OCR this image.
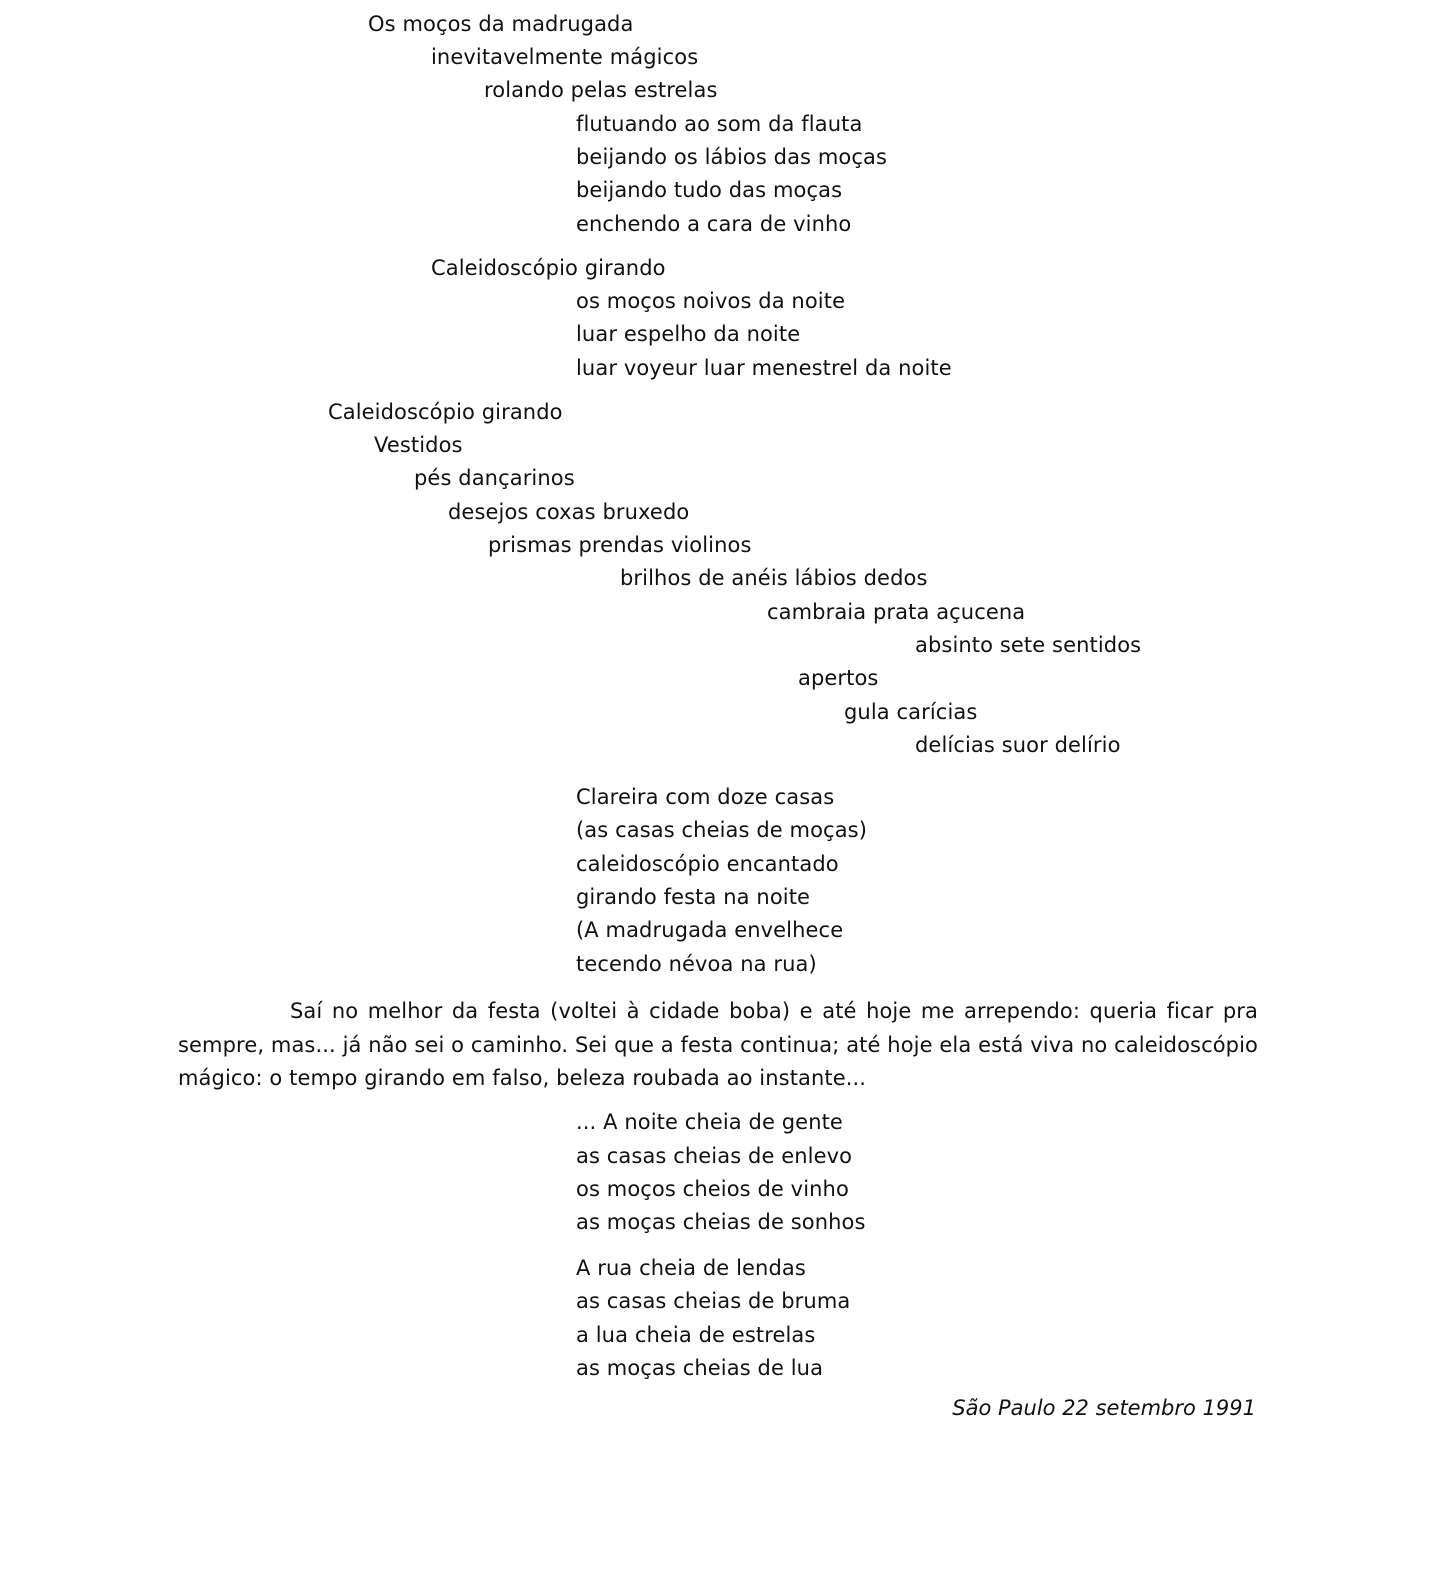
Os moços da madrugada
inevitavelmente mágicos
rolando pelas estrelas
flutuando ao som da flauta
beijando os lábios das moças
beijando tudo das moças
enchendo a cara de vinho
Caleidoscópio girando
os moços noivos da noite
luar espelho da noite
luar voyeur luar menestrel da noite
Caleidoscópio girando
Vestidos
pés dançarinos
desejos coxas bruxedo
prismas prendas violinos
brilhos de anéis lábios dedos
cambraia prata açucena
absinto sete sentidos
apertos
gula carícias
delícias suor delírio
Clareira com doze casas
(as casas cheias de moças)
caleidoscópio encantado
girando festa na noite
(A madrugada envelhece
tecendo névoa na rua)
Saí no melhor da festa (voltei à cidade boba) e até hoje me arrependo: queria ficar pra sempre, mas... já não sei o caminho. Sei que a festa continua; até hoje ela está viva no caleidoscópio mágico: o tempo girando em falso, beleza roubada ao instante...
... A noite cheia de gente
as casas cheias de enlevo
os moços cheios de vinho
as moças cheias de sonhos
A rua cheia de lendas
as casas cheias de bruma
a lua cheia de estrelas
as moças cheias de lua
São Paulo 22 setembro 1991
